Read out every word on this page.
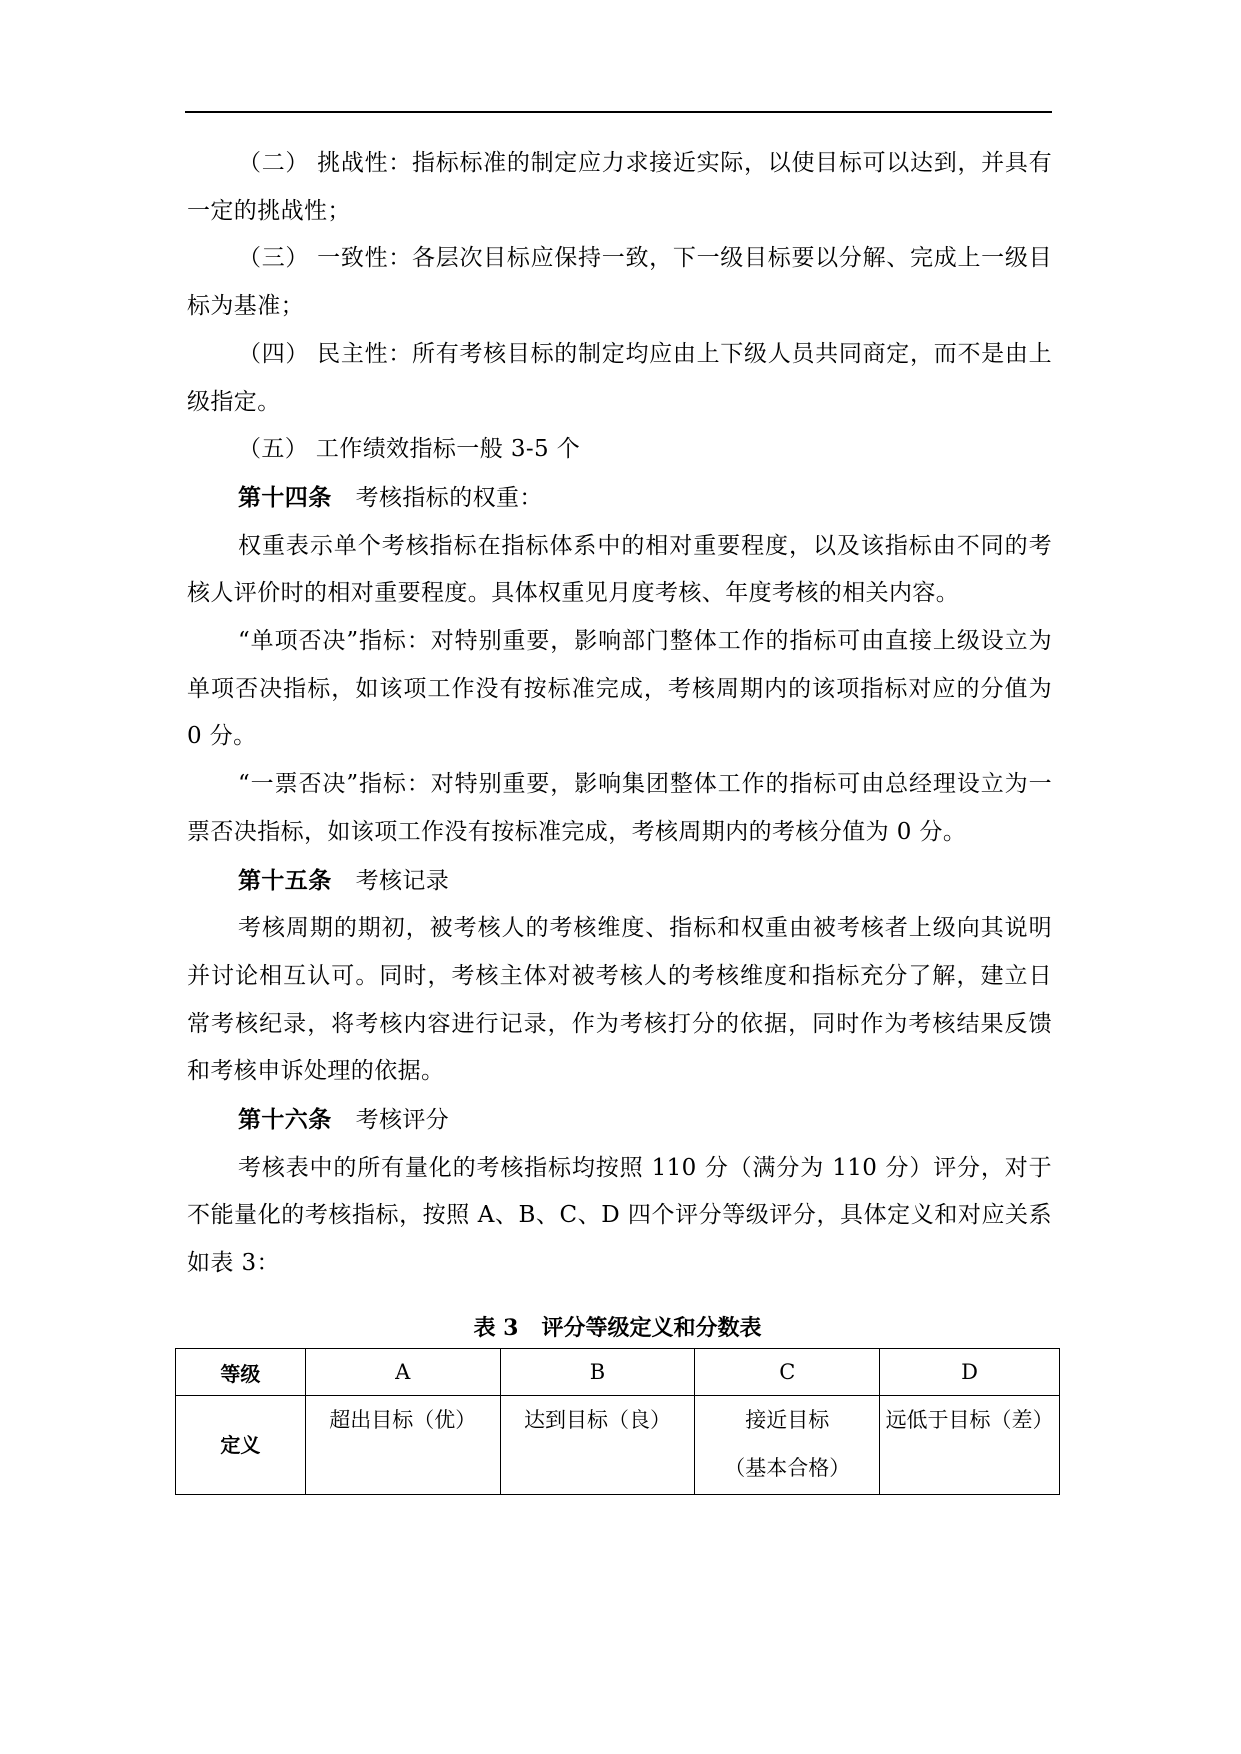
（二） 挑战性：指标标准的制定应力求接近实际，以使目标可以达到，并具有一定的挑战性；

（三） 一致性：各层次目标应保持一致，下一级目标要以分解、完成上一级目标为基准；

（四） 民主性：所有考核目标的制定均应由上下级人员共同商定，而不是由上级指定。

（五） 工作绩效指标一般 3-5 个

第十四条 考核指标的权重：

权重表示单个考核指标在指标体系中的相对重要程度，以及该指标由不同的考核人评价时的相对重要程度。具体权重见月度考核、年度考核的相关内容。

“单项否决”指标：对特别重要，影响部门整体工作的指标可由直接上级设立为单项否决指标，如该项工作没有按标准完成，考核周期内的该项指标对应的分值为 0 分。

“一票否决”指标：对特别重要，影响集团整体工作的指标可由总经理设立为一票否决指标，如该项工作没有按标准完成，考核周期内的考核分值为 0 分。

第十五条 考核记录

考核周期的期初，被考核人的考核维度、指标和权重由被考核者上级向其说明并讨论相互认可。同时，考核主体对被考核人的考核维度和指标充分了解，建立日常考核纪录，将考核内容进行记录，作为考核打分的依据，同时作为考核结果反馈和考核申诉处理的依据。

第十六条 考核评分

考核表中的所有量化的考核指标均按照 110 分（满分为 110 分）评分，对于不能量化的考核指标，按照 A、B、C、D 四个评分等级评分，具体定义和对应关系如表 3：

表 3   评分等级定义和分数表
等级	A	B	C	D
定义	超出目标（优）	达到目标（良）	接近目标
（基本合格）	远低于目标（差）
